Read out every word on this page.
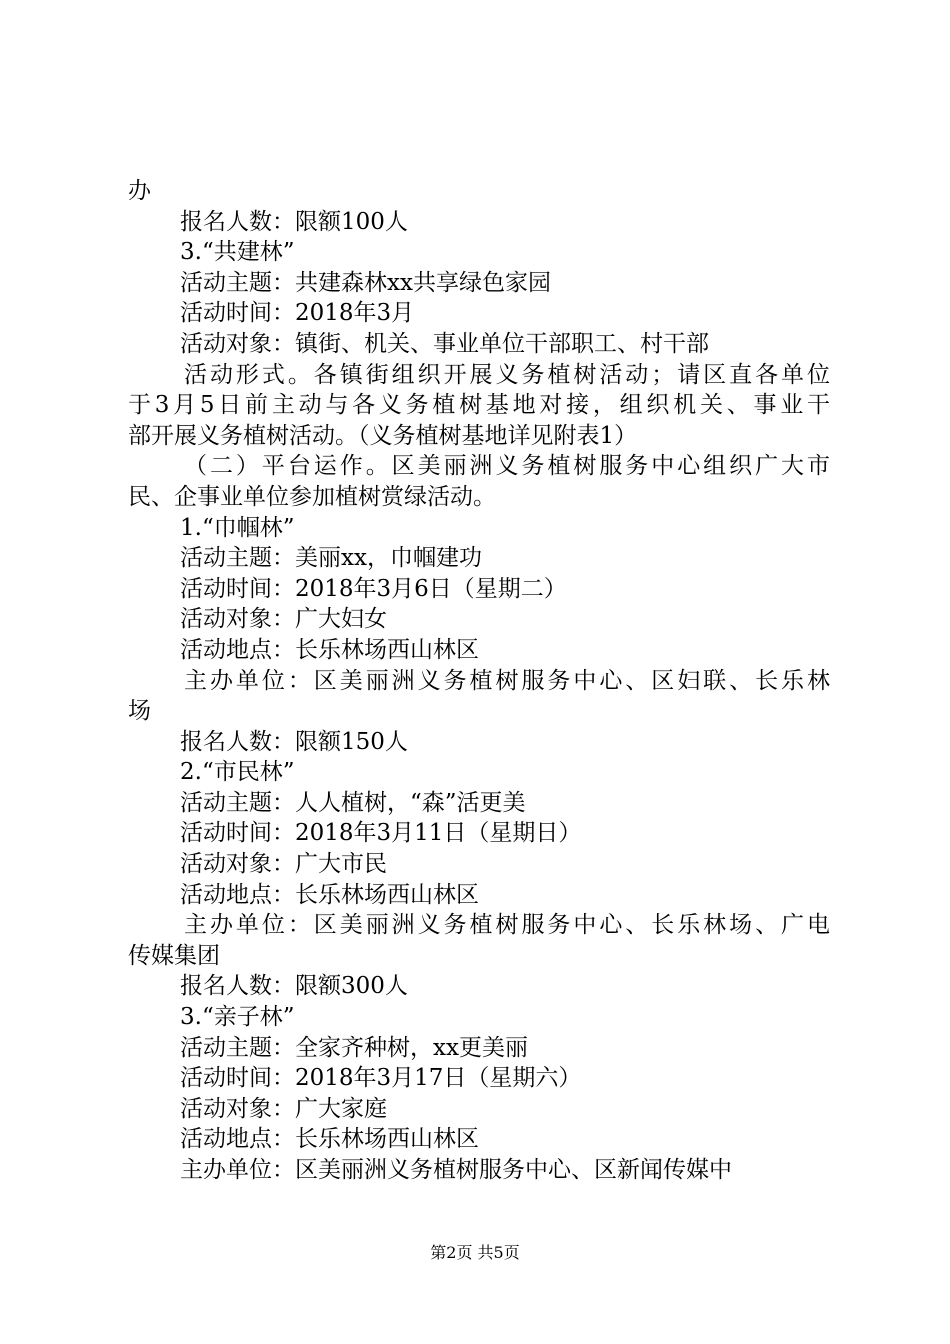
办
报名人数：限额100人
3.“共建林”
活动主题：共建森林xx共享绿色家园
活动时间：2018年3月
活动对象：镇街、机关、事业单位干部职工、村干部
活动形式。各镇街组织开展义务植树活动；请区直各单位
于3月5日前主动与各义务植树基地对接，组织机关、事业干
部开展义务植树活动。（义务植树基地详见附表1）
（二）平台运作。区美丽洲义务植树服务中心组织广大市
民、企事业单位参加植树赏绿活动。
1.“巾帼林”
活动主题：美丽xx，巾帼建功
活动时间：2018年3月6日（星期二）
活动对象：广大妇女
活动地点：长乐林场西山林区
主办单位：区美丽洲义务植树服务中心、区妇联、长乐林
场
报名人数：限额150人
2.“市民林”
活动主题：人人植树，“森”活更美
活动时间：2018年3月11日（星期日）
活动对象：广大市民
活动地点：长乐林场西山林区
主办单位：区美丽洲义务植树服务中心、长乐林场、广电
传媒集团
报名人数：限额300人
3.“亲子林”
活动主题：全家齐种树，xx更美丽
活动时间：2018年3月17日（星期六）
活动对象：广大家庭
活动地点：长乐林场西山林区
主办单位：区美丽洲义务植树服务中心、区新闻传媒中
第2页 共5页
